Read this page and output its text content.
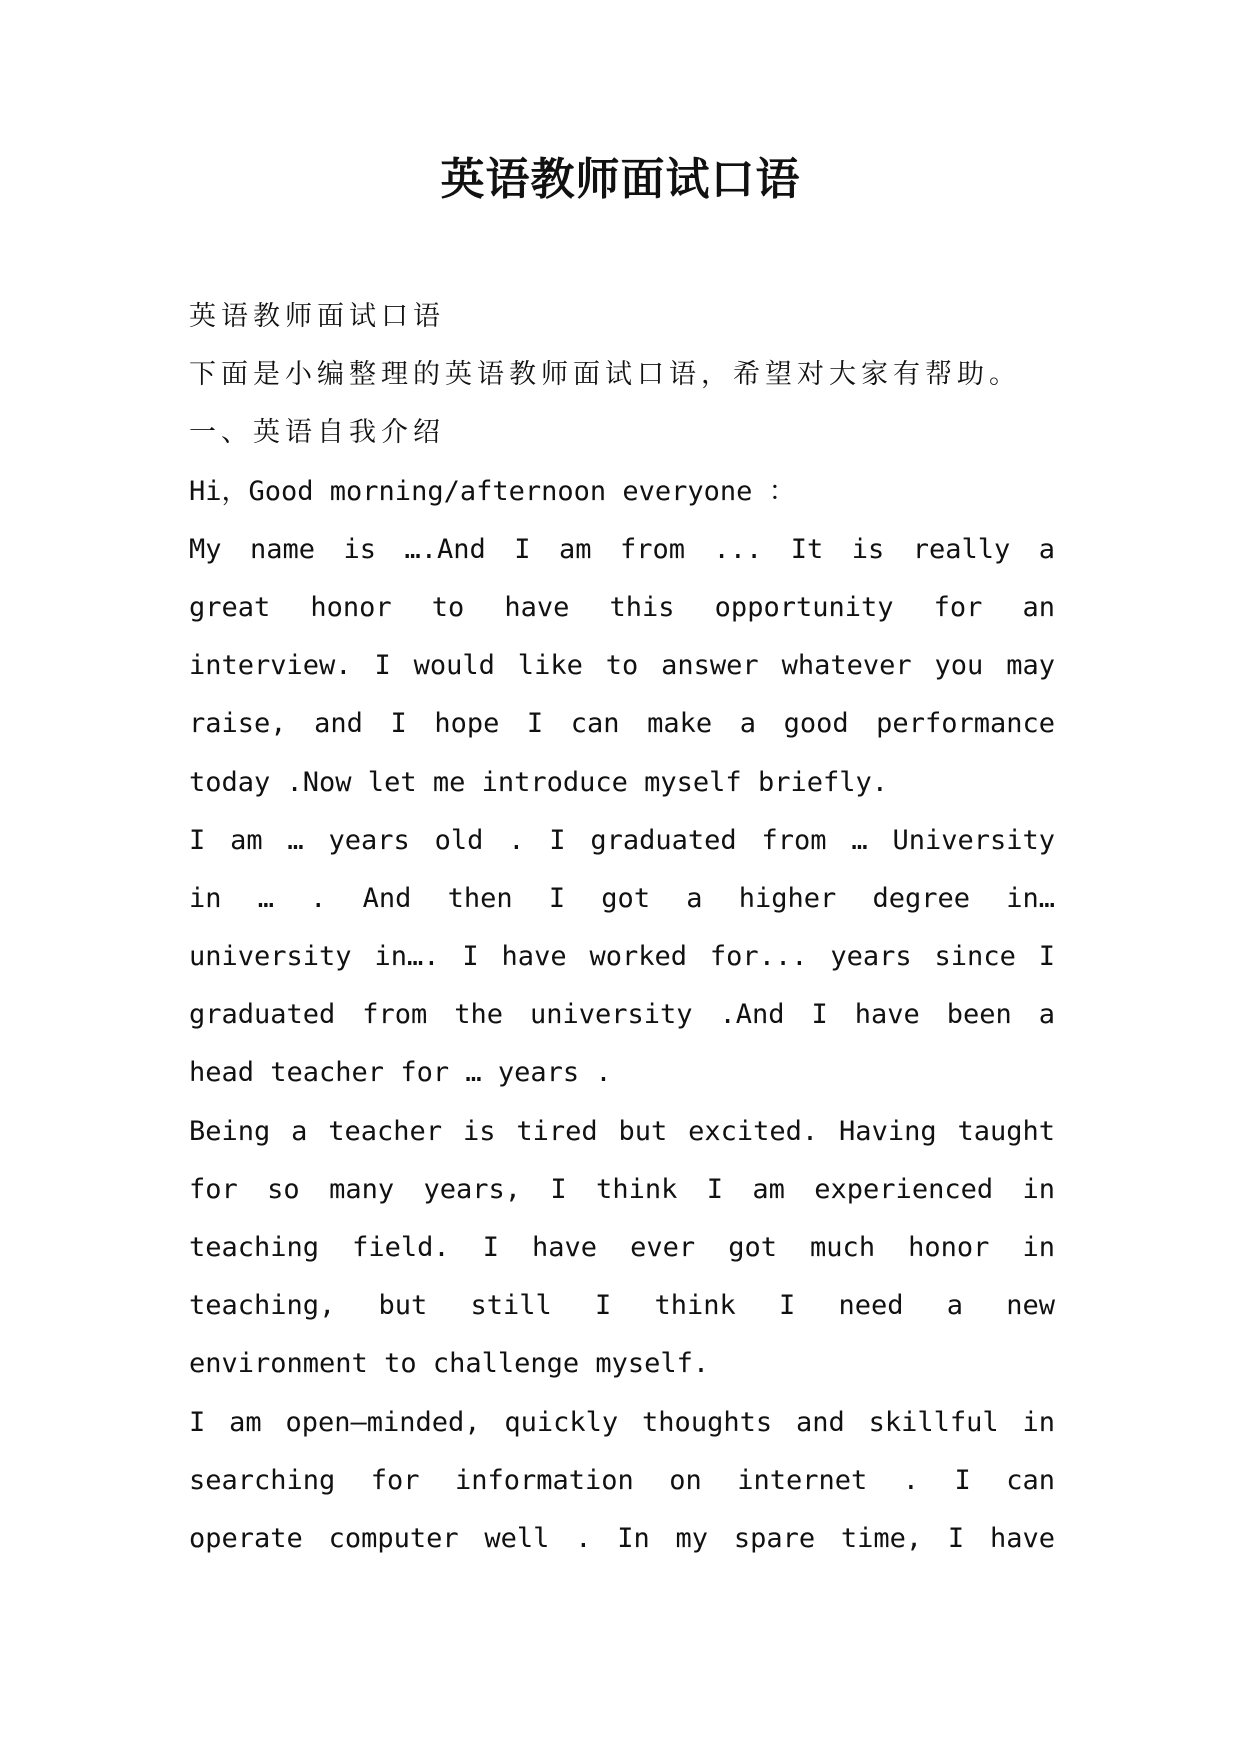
英语教师面试口语
英语教师面试口语
下面是小编整理的英语教师面试口语，希望对大家有帮助。
一、英语自我介绍
Hi，Good morning/afternoon everyone ：
My name is ….And I am from ... It is really a
great honor to have this opportunity for an
interview. I would like to answer whatever you may
raise, and I hope I can make a good performance
today .Now let me introduce myself briefly.
I am … years old . I graduated from … University
in … . And then I got a higher degree in…
university in…. I have worked for... years since I
graduated from the university .And I have been a
head teacher for … years .
Being a teacher is tired but excited. Having taught
for so many years, I think I am experienced in
teaching field. I have ever got much honor in
teaching, but still I think I need a new
environment to challenge myself.
I am open—minded, quickly thoughts and skillful in
searching for information on internet . I can
operate computer well . In my spare time, I have
